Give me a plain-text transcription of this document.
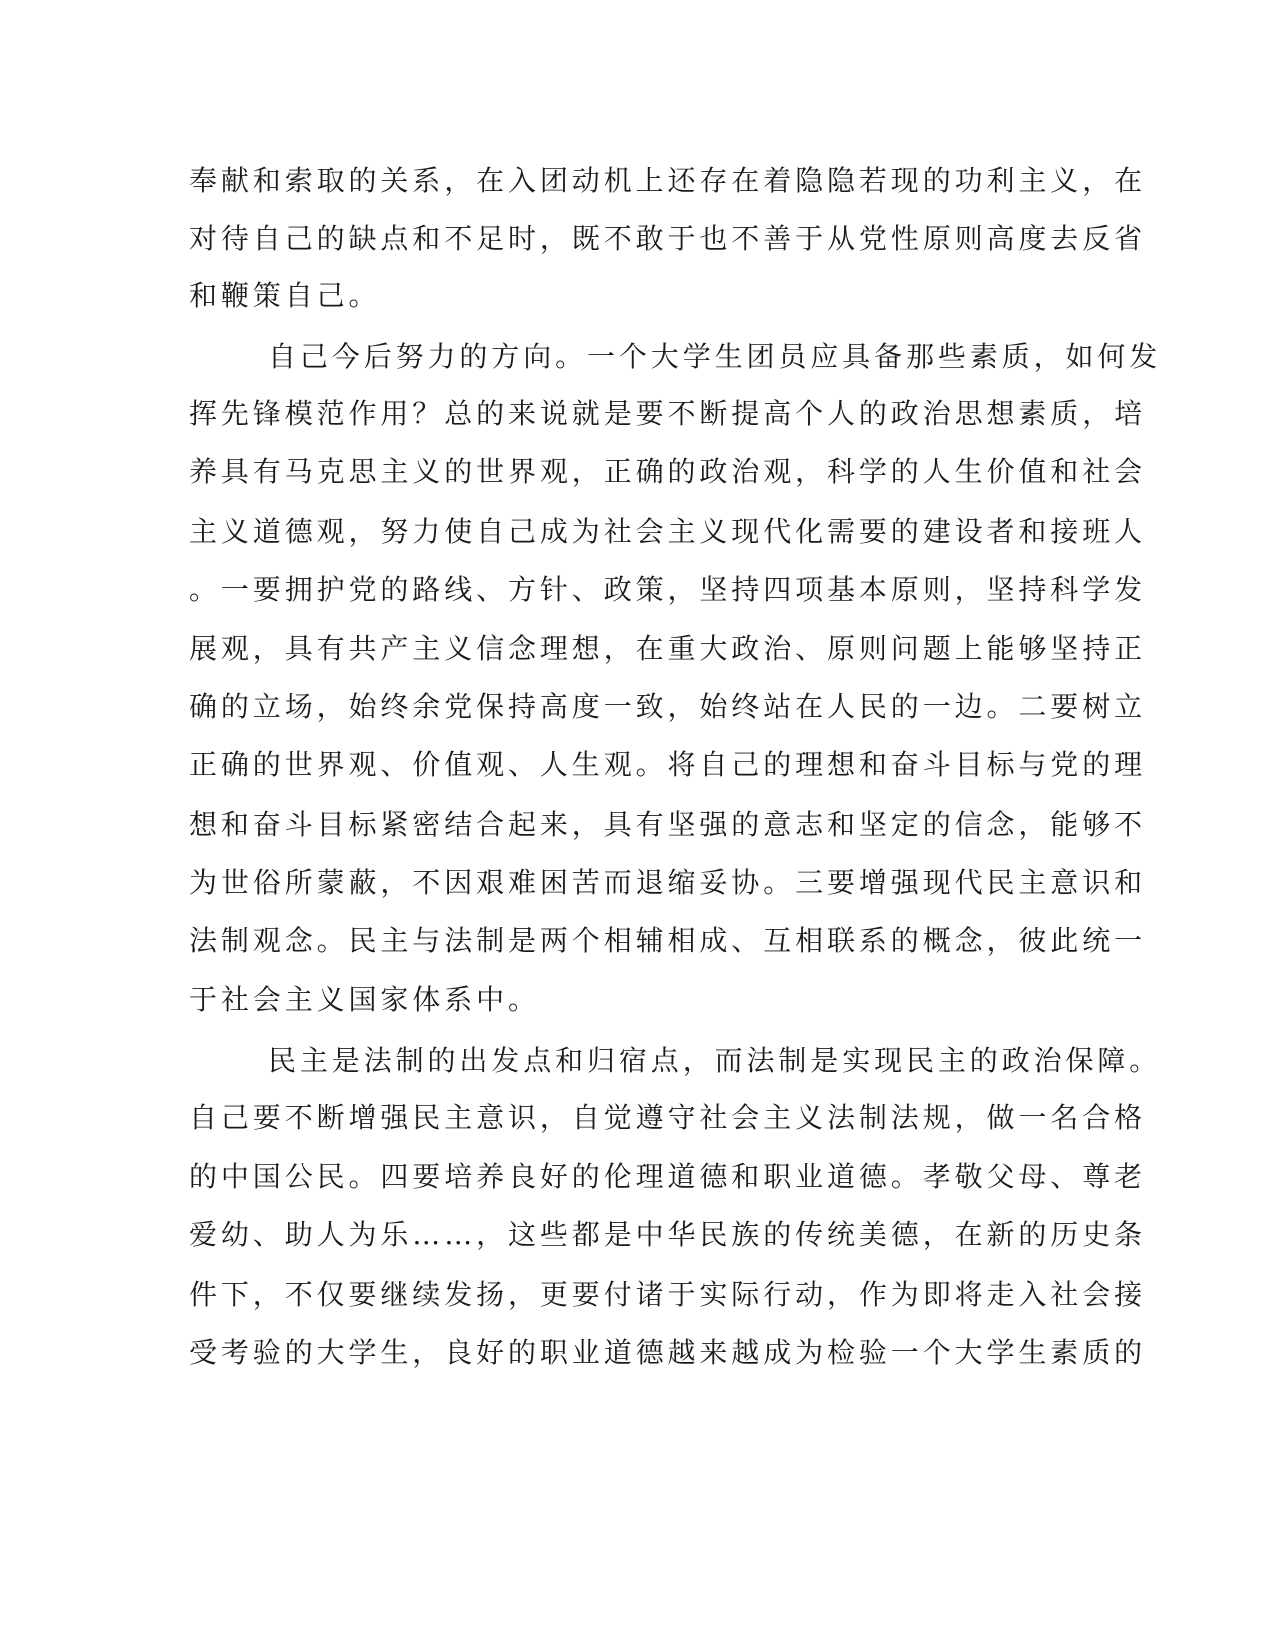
奉献和索取的关系，在入团动机上还存在着隐隐若现的功利主义，在
对待自己的缺点和不足时，既不敢于也不善于从党性原则高度去反省
和鞭策自己。
自己今后努力的方向。一个大学生团员应具备那些素质，如何发
挥先锋模范作用？总的来说就是要不断提高个人的政治思想素质，培
养具有马克思主义的世界观，正确的政治观，科学的人生价值和社会
主义道德观，努力使自己成为社会主义现代化需要的建设者和接班人
。一要拥护党的路线、方针、政策，坚持四项基本原则，坚持科学发
展观，具有共产主义信念理想，在重大政治、原则问题上能够坚持正
确的立场，始终余党保持高度一致，始终站在人民的一边。二要树立
正确的世界观、价值观、人生观。将自己的理想和奋斗目标与党的理
想和奋斗目标紧密结合起来，具有坚强的意志和坚定的信念，能够不
为世俗所蒙蔽，不因艰难困苦而退缩妥协。三要增强现代民主意识和
法制观念。民主与法制是两个相辅相成、互相联系的概念，彼此统一
于社会主义国家体系中。
民主是法制的出发点和归宿点，而法制是实现民主的政治保障。
自己要不断增强民主意识，自觉遵守社会主义法制法规，做一名合格
的中国公民。四要培养良好的伦理道德和职业道德。孝敬父母、尊老
爱幼、助人为乐……，这些都是中华民族的传统美德，在新的历史条
件下，不仅要继续发扬，更要付诸于实际行动，作为即将走入社会接
受考验的大学生，良好的职业道德越来越成为检验一个大学生素质的
